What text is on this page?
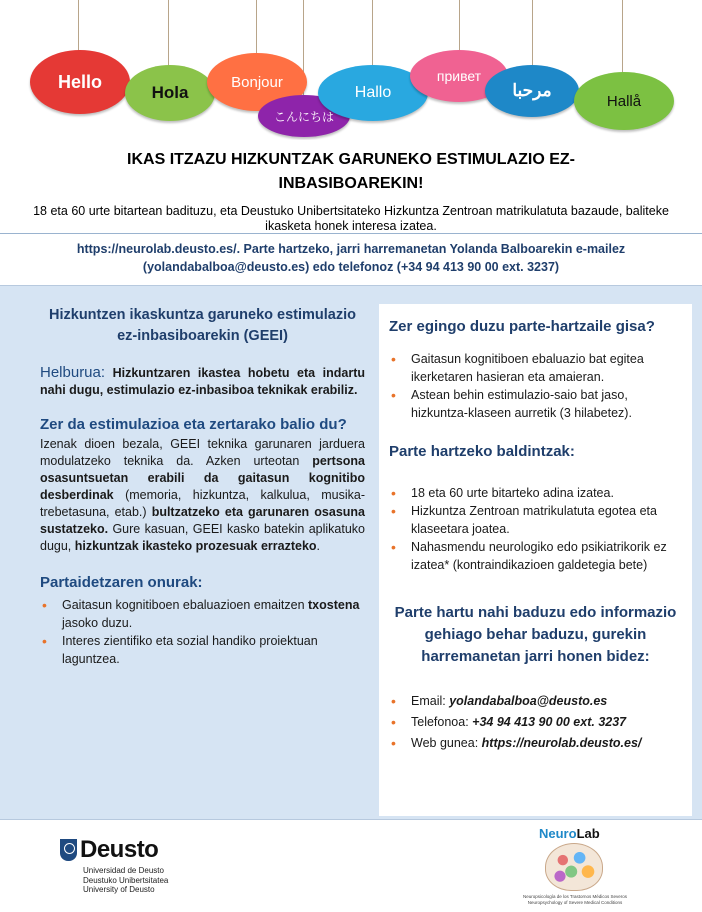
Hello
Hola
Bonjour
こんにちは
Hallo
привет
مرحبا
Hallå
IKAS ITZAZU HIZKUNTZAK GARUNEKO ESTIMULAZIO EZ-INBASIBOAREKIN!

18 eta 60 urte bitartean badituzu, eta Deustuko Unibertsitateko Hizkuntza Zentroan matrikulatuta bazaude, baliteke ikasketa honek interesa izatea.

https://neurolab.deusto.es/. Parte hartzeko, jarri harremanetan Yolanda Balboarekin e-mailez
(yolandabalboa@deusto.es) edo telefonoz (+34 94 413 90 00 ext. 3237)
Hizkuntzen ikaskuntza garuneko estimulazio ez-inbasiboarekin (GEEI)

Helburua: Hizkuntzaren ikastea hobetu eta indartu nahi dugu, estimulazio ez-inbasiboa teknikak erabiliz.

Zer da estimulazioa eta zertarako balio du?

Izenak dioen bezala, GEEI teknika garunaren jarduera modulatzeko teknika da. Azken urteotan pertsona osasuntsuetan erabili da gaitasun kognitibo desberdinak (memoria, hizkuntza, kalkulua, musika-trebetasuna, etab.) bultzatzeko eta garunaren osasuna sustatzeko. Gure kasuan, GEEI kasko batekin aplikatuko dugu, hizkuntzak ikasteko prozesuak errazteko.

Partaidetzaren onurak:
• Gaitasun kognitiboen ebaluazioen emaitzen txostena jasoko duzu.
• Interes zientifiko eta sozial handiko proiektuan laguntzea.
Zer egingo duzu parte-hartzaile gisa?
• Gaitasun kognitiboen ebaluazio bat egitea ikerketaren hasieran eta amaieran.
• Astean behin estimulazio-saio bat jaso, hizkuntza-klaseen aurretik (3 hilabetez).
Parte hartzeko baldintzak:
• 18 eta 60 urte bitarteko adina izatea.
• Hizkuntza Zentroan matrikulatuta egotea eta klaseetara joatea.
• Nahasmendu neurologiko edo psikiatrikorik ez izatea* (kontraindikazioen galdetegia bete)

Parte hartu nahi baduzu edo informazio gehiago behar baduzu, gurekin harremanetan jarri honen bidez:

• Email: yolandabalboa@deusto.es
• Telefonoa: +34 94 413 90 00 ext. 3237
• Web gunea: https://neurolab.deusto.es/
Deusto
Universidad de Deusto
Deustuko Unibertsitatea
University of Deusto
NeuroLab
Neuropsicología de los Trastornos Médicos Severos
Neuropsychology of Severe Medical Conditions
